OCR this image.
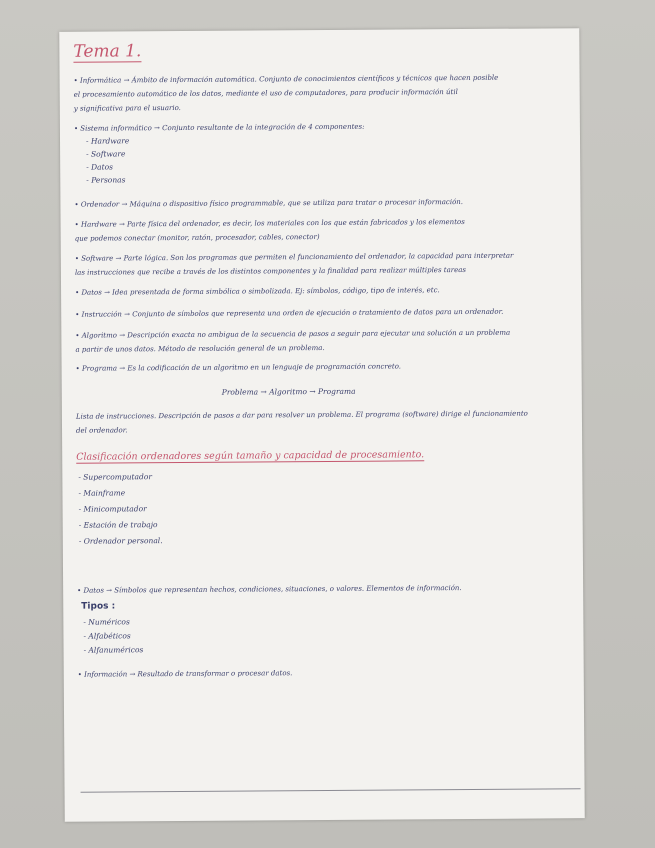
Tema 1.
• Informática → Ámbito de información automática. Conjunto de conocimientos científicos y técnicos que hacen posible
el procesamiento automático de los datos, mediante el uso de computadores, para producir información útil
y significativa para el usuario.
• Sistema informático → Conjunto resultante de la integración de 4 componentes:
- Hardware
- Software
- Datos
- Personas
• Ordenador → Máquina o dispositivo físico programmable, que se utiliza para tratar o procesar información.
• Hardware → Parte física del ordenador, es decir, los materiales con los que están fabricados y los elementos
que podemos conectar (monitor, ratón, procesador, cables, conector)
• Software → Parte lógica. Son los programas que permiten el funcionamiento del ordenador, la capacidad para interpretar
las instrucciones que recibe a través de los distintos componentes y la finalidad para realizar múltiples tareas
• Datos → Idea presentada de forma simbólica o simbolizada. Ej: símbolos, código, tipo de interés, etc.
• Instrucción → Conjunto de símbolos que representa una orden de ejecución o tratamiento de datos para un ordenador.
• Algoritmo → Descripción exacta no ambigua de la secuencia de pasos a seguir para ejecutar una solución a un problema
a partir de unos datos. Método de resolución general de un problema.
• Programa → Es la codificación de un algoritmo en un lenguaje de programación concreto.
Problema → Algoritmo → Programa
Lista de instrucciones. Descripción de pasos a dar para resolver un problema. El programa (software) dirige el funcionamiento
del ordenador.
Clasificación ordenadores según tamaño y capacidad de procesamiento.
- Supercomputador
- Mainframe
- Minicomputador
- Estación de trabajo
- Ordenador personal.
• Datos → Símbolos que representan hechos, condiciones, situaciones, o valores. Elementos de información.
Tipos :
- Numéricos
- Alfabéticos
- Alfanuméricos
• Información → Resultado de transformar o procesar datos.
